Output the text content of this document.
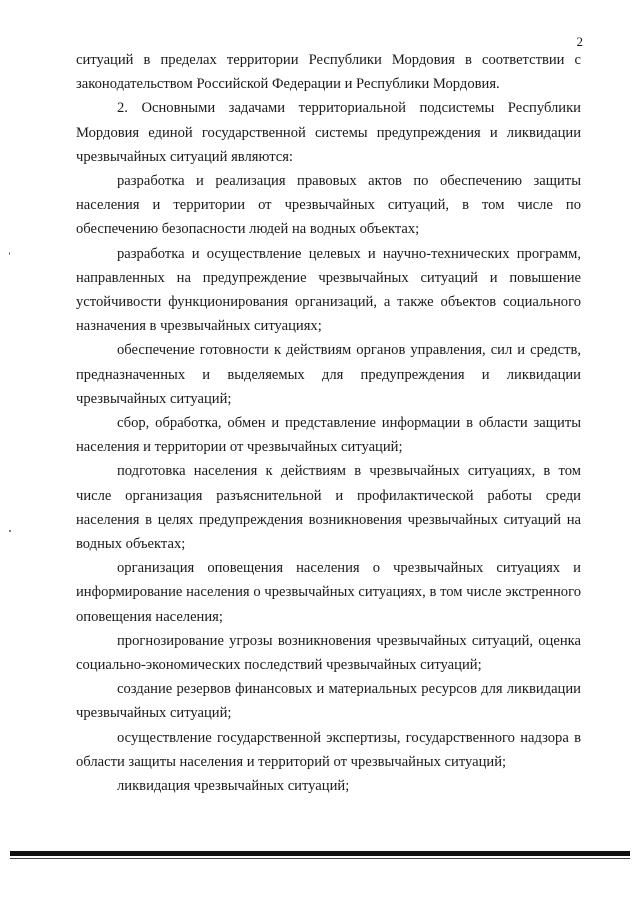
2

ситуаций в пределах территории Республики Мордовия в соответствии с законодательством Российской Федерации и Республики Мордовия.

2. Основными задачами территориальной подсистемы Республики Мордовия единой государственной системы предупреждения и ликвидации чрезвычайных ситуаций являются:

разработка и реализация правовых актов по обеспечению защиты населения и территории от чрезвычайных ситуаций, в том числе по обеспечению безопасности людей на водных объектах;

разработка и осуществление целевых и научно-технических программ, направленных на предупреждение чрезвычайных ситуаций и повышение устойчивости функционирования организаций, а также объектов социального назначения в чрезвычайных ситуациях;

обеспечение готовности к действиям органов управления, сил и средств, предназначенных и выделяемых для предупреждения и ликвидации чрезвычайных ситуаций;

сбор, обработка, обмен и представление информации в области защиты населения и территории от чрезвычайных ситуаций;

подготовка населения к действиям в чрезвычайных ситуациях, в том числе организация разъяснительной и профилактической работы среди населения в целях предупреждения возникновения чрезвычайных ситуаций на водных объектах;

организация оповещения населения о чрезвычайных ситуациях и информирование населения о чрезвычайных ситуациях, в том числе экстренного оповещения населения;

прогнозирование угрозы возникновения чрезвычайных ситуаций, оценка социально-экономических последствий чрезвычайных ситуаций;

создание резервов финансовых и материальных ресурсов для ликвидации чрезвычайных ситуаций;

осуществление государственной экспертизы, государственного надзора в области защиты населения и территорий от чрезвычайных ситуаций;

ликвидация чрезвычайных ситуаций;
